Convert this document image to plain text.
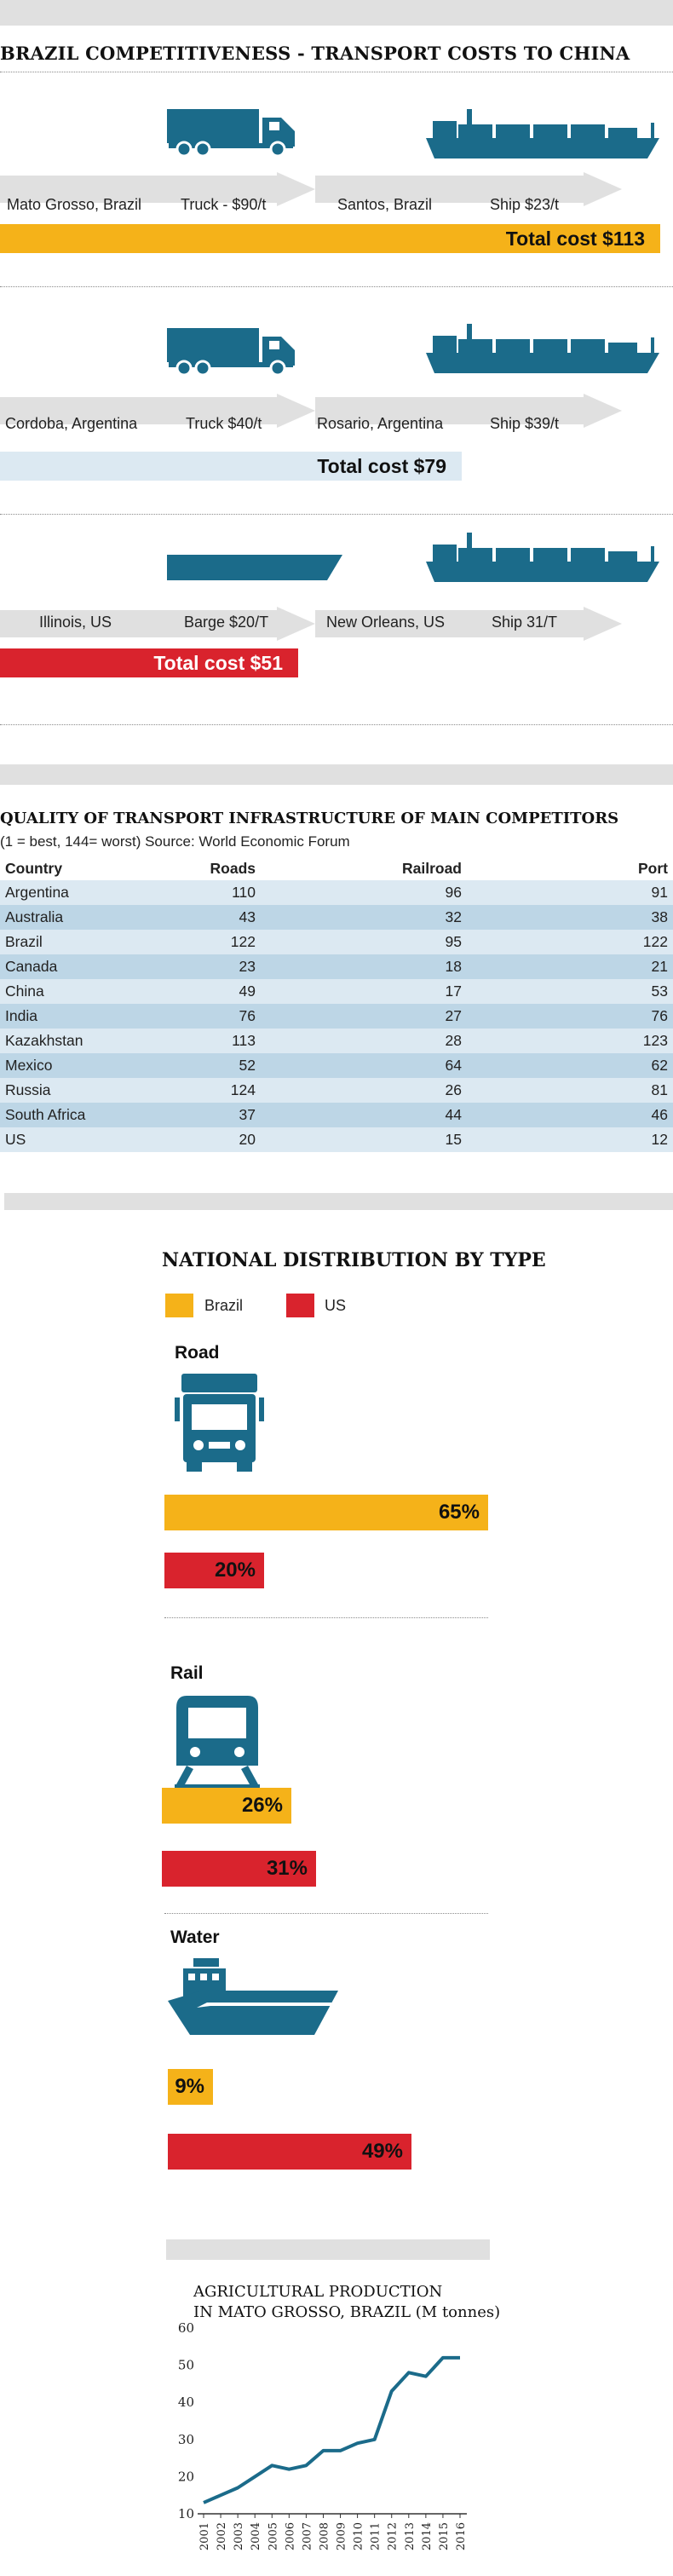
BRAZIL COMPETITIVENESS - TRANSPORT COSTS TO CHINA
Mato Grosso, Brazil	Truck - $90/t	Santos, Brazil	Ship $23/t
Total cost $113
Cordoba, Argentina	Truck $40/t	Rosario, Argentina	Ship $39/t
Total cost $79
Illinois, US	Barge $20/T	New Orleans, US	Ship 31/T
Total cost $51
QUALITY OF TRANSPORT INFRASTRUCTURE OF MAIN COMPETITORS
(1 = best, 144= worst) Source: World Economic Forum
Country	Roads	Railroad	Port
Argentina	110	96	91
Australia	43	32	38
Brazil	122	95	122
Canada	23	18	21
China	49	17	53
India	76	27	76
Kazakhstan	113	28	123
Mexico	52	64	62
Russia	124	26	81
South Africa	37	44	46
US	20	15	12
NATIONAL DISTRIBUTION BY TYPE
Brazil	US
Road
65%
20%
Rail
26%
31%
Water
9%
49%
AGRICULTURAL PRODUCTION
IN MATO GROSSO, BRAZIL (M tonnes)
10
20
30
40
50
60
2001 2002 2003 2004 2005 2006 2007 2008 2009 2010 2011 2012 2013 2014 2015 2016
